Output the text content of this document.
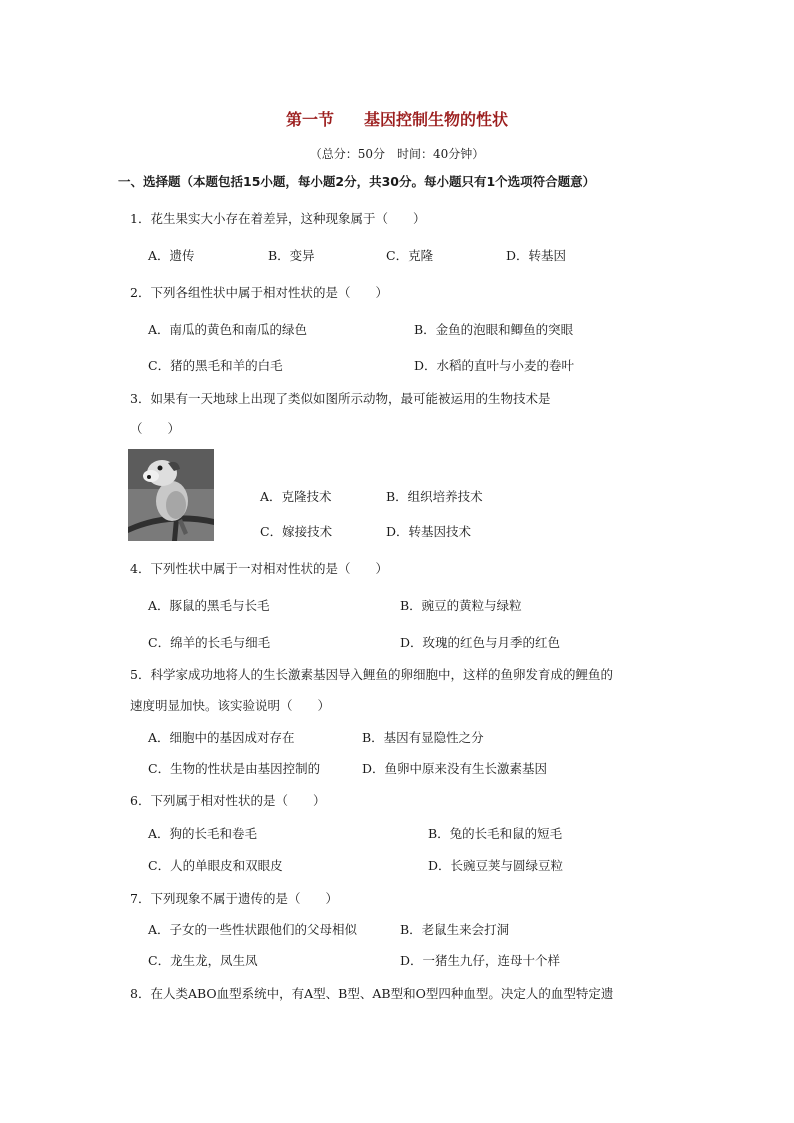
第一节 基因控制生物的性状
（总分：50分　时间：40分钟）
一、选择题（本题包括15小题，每小题2分，共30分。每小题只有1个选项符合题意）
1．花生果实大小存在着差异，这种现象属于（　　）
A．遗传	B．变异	C．克隆	D．转基因
2．下列各组性状中属于相对性状的是（　　）
A．南瓜的黄色和南瓜的绿色	B．金鱼的泡眼和鲫鱼的突眼
C．猪的黑毛和羊的白毛	D．水稻的直叶与小麦的卷叶
3．如果有一天地球上出现了类似如图所示动物，最可能被运用的生物技术是
（　　）
A．克隆技术	B．组织培养技术
C．嫁接技术	D．转基因技术
4．下列性状中属于一对相对性状的是（　　）
A．豚鼠的黑毛与长毛	B．豌豆的黄粒与绿粒
C．绵羊的长毛与细毛	D．玫瑰的红色与月季的红色
5．科学家成功地将人的生长激素基因导入鲤鱼的卵细胞中，这样的鱼卵发育成的鲤鱼的
速度明显加快。该实验说明（　　）
A．细胞中的基因成对存在	B．基因有显隐性之分
C．生物的性状是由基因控制的	D．鱼卵中原来没有生长激素基因
6．下列属于相对性状的是（　　）
A．狗的长毛和卷毛	B．兔的长毛和鼠的短毛
C．人的单眼皮和双眼皮	D．长豌豆荚与圆绿豆粒
7．下列现象不属于遗传的是（　　）
A．子女的一些性状跟他们的父母相似	B．老鼠生来会打洞
C．龙生龙，凤生凤	D．一猪生九仔，连母十个样
8．在人类ABO血型系统中，有A型、B型、AB型和O型四种血型。决定人的血型特定遗
